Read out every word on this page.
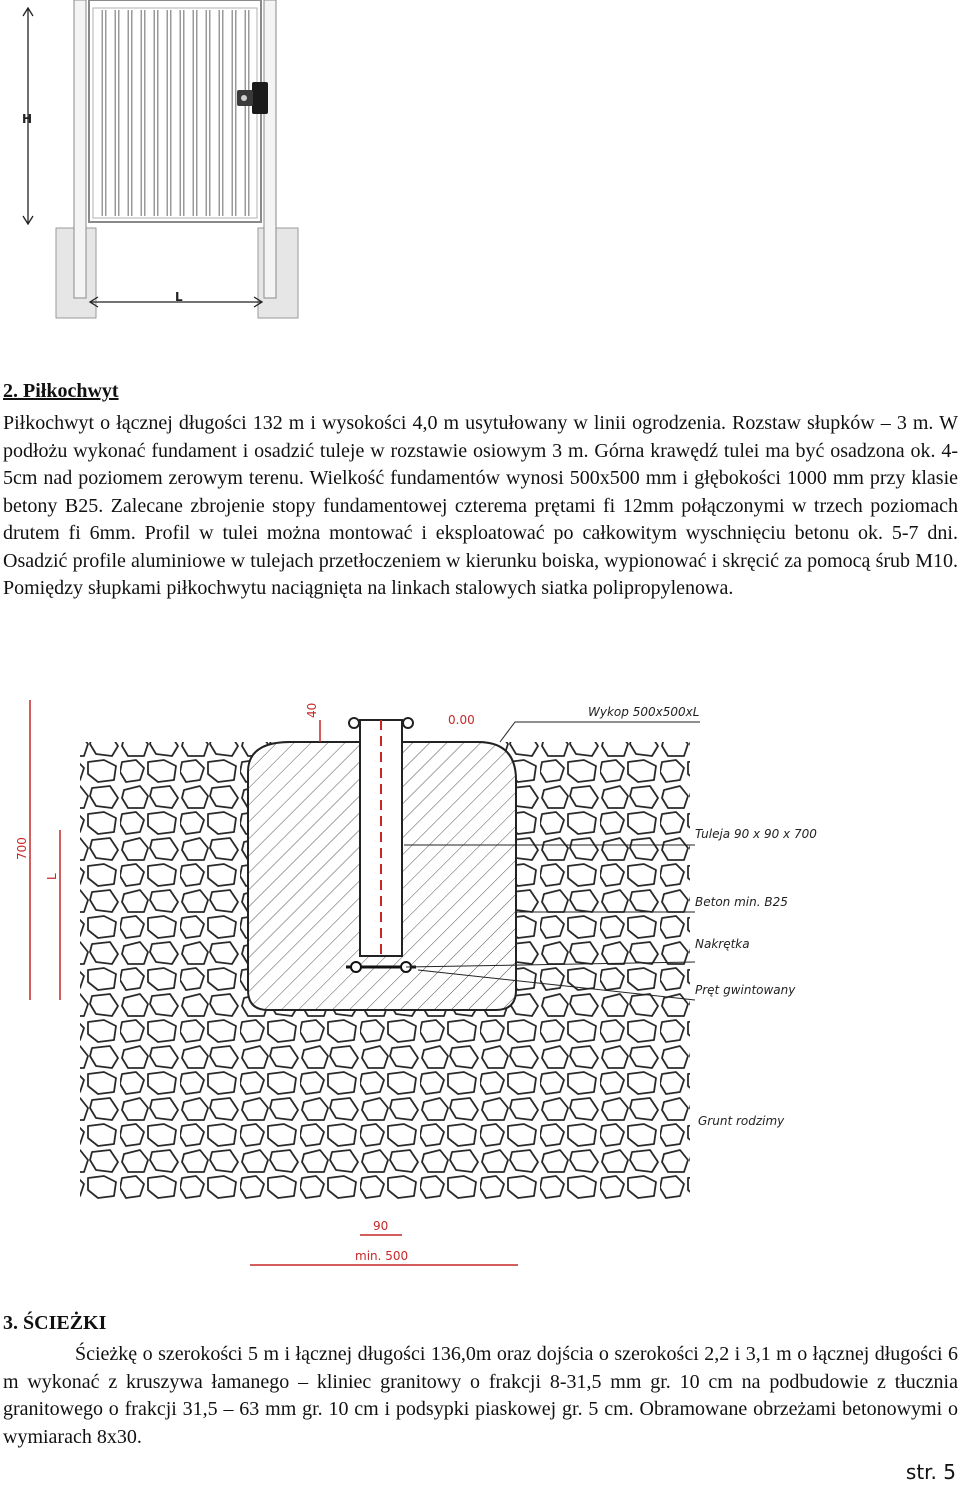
H
L
2. Piłkochwyt

Piłkochwyt o łącznej długości 132 m i wysokości 4,0 m usytułowany w linii ogrodzenia. Rozstaw słupków – 3 m. W podłożu wykonać fundament i osadzić tuleje w rozstawie osiowym 3 m. Górna krawędź tulei ma być osadzona ok. 4-5cm nad poziomem zerowym terenu. Wielkość fundamentów wynosi 500x500 mm i głębokości 1000 mm przy klasie betony B25. Zalecane zbrojenie stopy fundamentowej czterema prętami fi 12mm połączonymi w trzech poziomach drutem fi 6mm. Profil w tulei można montować i eksploatować po całkowitym wyschnięciu betonu ok. 5-7 dni. Osadzić profile aluminiowe w tulejach przetłoczeniem w kierunku boiska, wypionować i skręcić za pomocą śrub M10. Pomiędzy słupkami piłkochwytu naciągnięta na linkach stalowych siatka polipropylenowa.

Wykop 500x500xL
Tuleja 90 x 90 x 700
Beton min. B25
Nakrętka
Pręt gwintowany
Grunt rodzimy
40
0.00
700
L
90
min. 500
3. ŚCIEŻKI

Ścieżkę o szerokości 5 m i łącznej długości 136,0m oraz dojścia o szerokości 2,2 i 3,1 m o łącznej długości 6 m wykonać z kruszywa łamanego – kliniec granitowy o frakcji 8-31,5 mm gr. 10 cm na podbudowie z tłucznia granitowego o frakcji 31,5 – 63 mm gr. 10 cm i podsypki piaskowej gr. 5 cm. Obramowane obrzeżami betonowymi o wymiarach 8x30.

str. 5
